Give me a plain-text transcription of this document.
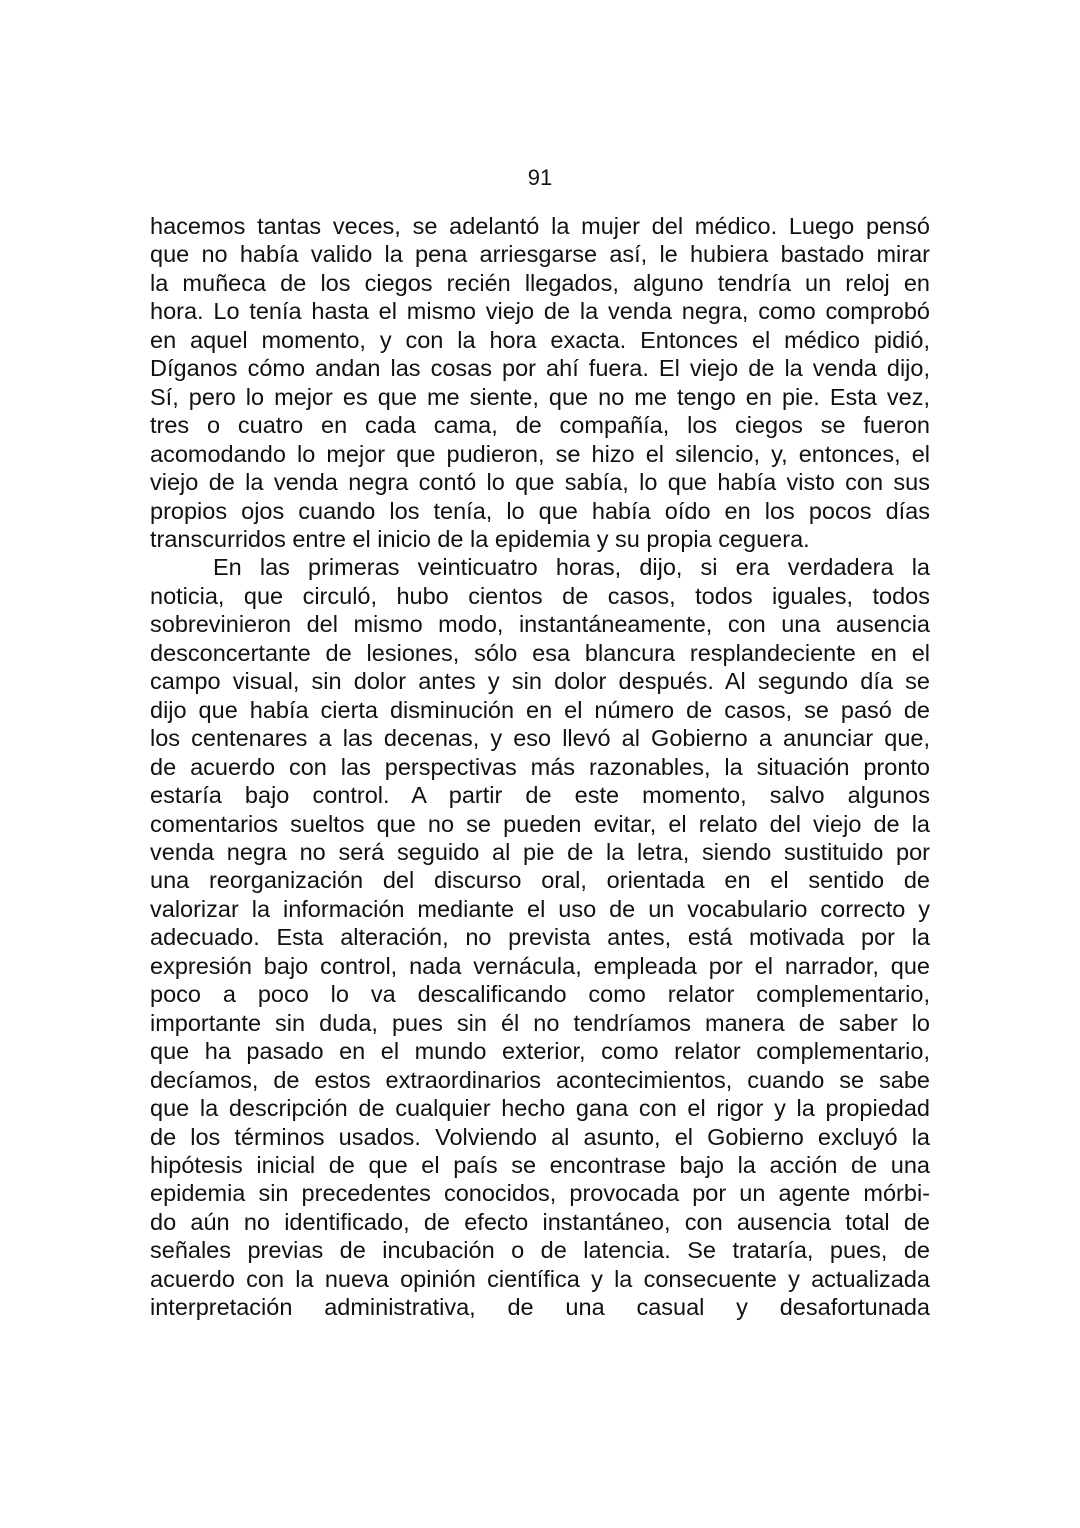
91
hacemos tantas veces, se adelantó la mujer del médico. Luego pensó
que no había valido la pena arriesgarse así, le hubiera bastado mirar
la muñeca de los ciegos recién llegados, alguno tendría un reloj en
hora. Lo tenía hasta el mismo viejo de la venda negra, como comprobó
en aquel momento, y con la hora exacta. Entonces el médico pidió,
Díganos cómo andan las cosas por ahí fuera. El viejo de la venda dijo,
Sí, pero lo mejor es que me siente, que no me tengo en pie. Esta vez,
tres o cuatro en cada cama, de compañía, los ciegos se fueron
acomodando lo mejor que pudieron, se hizo el silencio, y, entonces, el
viejo de la venda negra contó lo que sabía, lo que había visto con sus
propios ojos cuando los tenía, lo que había oído en los pocos días
transcurridos entre el inicio de la epidemia y su propia ceguera.
En las primeras veinticuatro horas, dijo, si era verdadera la
noticia, que circuló, hubo cientos de casos, todos iguales, todos
sobrevinieron del mismo modo, instantáneamente, con una ausencia
desconcertante de lesiones, sólo esa blancura resplandeciente en el
campo visual, sin dolor antes y sin dolor después. Al segundo día se
dijo que había cierta disminución en el número de casos, se pasó de
los centenares a las decenas, y eso llevó al Gobierno a anunciar que,
de acuerdo con las perspectivas más razonables, la situación pronto
estaría bajo control. A partir de este momento, salvo algunos
comentarios sueltos que no se pueden evitar, el relato del viejo de la
venda negra no será seguido al pie de la letra, siendo sustituido por
una reorganización del discurso oral, orientada en el sentido de
valorizar la información mediante el uso de un vocabulario correcto y
adecuado. Esta alteración, no prevista antes, está motivada por la
expresión bajo control, nada vernácula, empleada por el narrador, que
poco a poco lo va descalificando como relator complementario,
importante sin duda, pues sin él no tendríamos manera de saber lo
que ha pasado en el mundo exterior, como relator complementario,
decíamos, de estos extraordinarios acontecimientos, cuando se sabe
que la descripción de cualquier hecho gana con el rigor y la propiedad
de los términos usados. Volviendo al asunto, el Gobierno excluyó la
hipótesis inicial de que el país se encontrase bajo la acción de una
epidemia sin precedentes conocidos, provocada por un agente mórbi-
do aún no identificado, de efecto instantáneo, con ausencia total de
señales previas de incubación o de latencia. Se trataría, pues, de
acuerdo con la nueva opinión científica y la consecuente y actualizada
interpretación administrativa, de una casual y desafortunada
